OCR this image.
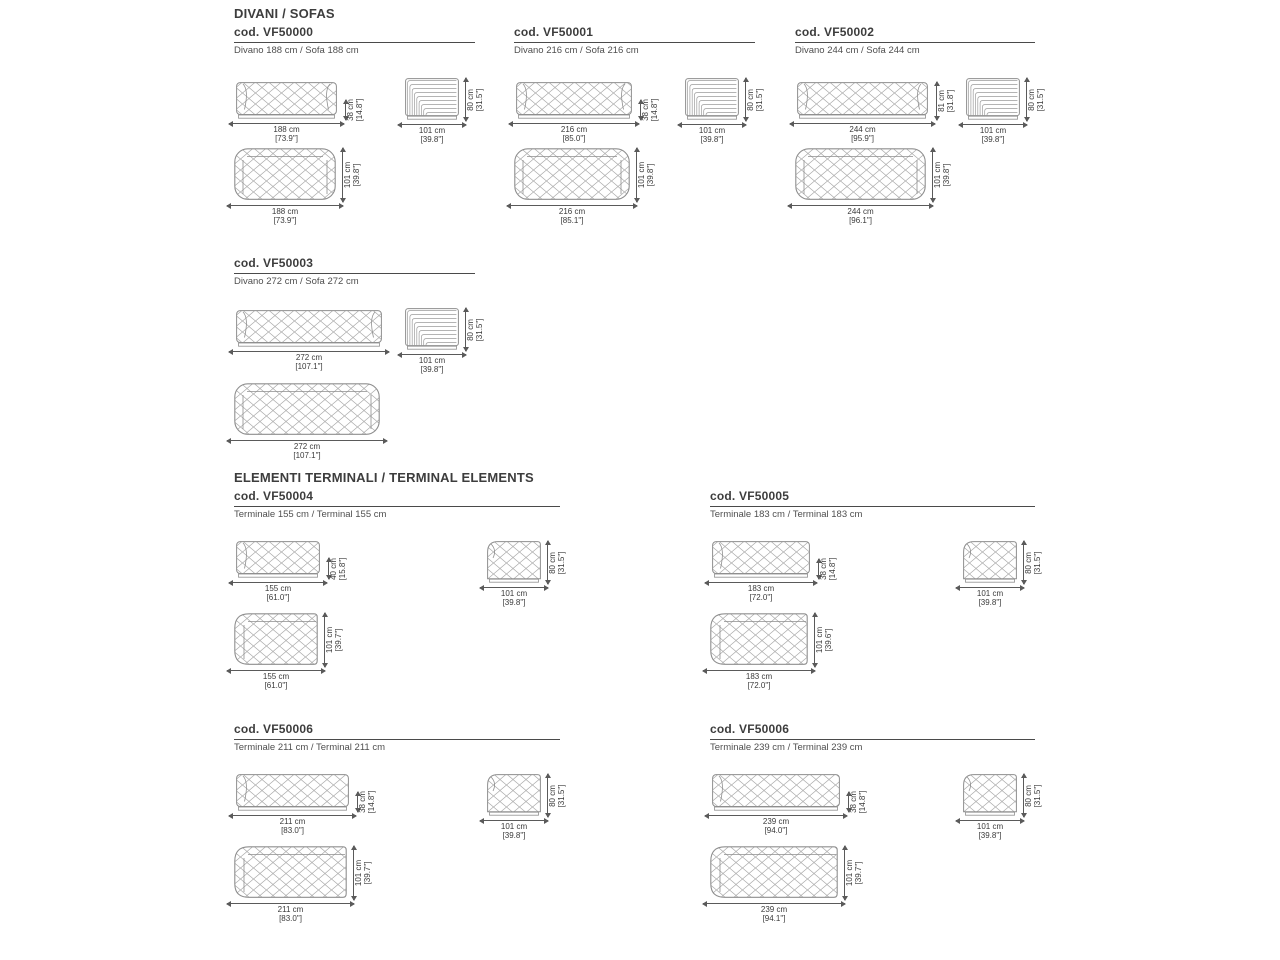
DIVANI / SOFAS
cod. VF50000
Divano 188 cm / Sofa 188 cm
38 cm [14.8"]
188 cm
[73.9"]
80 cm [31.5"]
101 cm
[39.8"]
101 cm [39.8"]
188 cm
[73.9"]
cod. VF50001
Divano 216 cm / Sofa 216 cm
38 cm [14.8"]
216 cm
[85.0"]
80 cm [31.5"]
101 cm
[39.8"]
101 cm [39.8"]
216 cm
[85.1"]
cod. VF50002
Divano 244 cm / Sofa 244 cm
81 cm [31.8"]
244 cm
[95.9"]
80 cm [31.5"]
101 cm
[39.8"]
101 cm [39.8"]
244 cm
[96.1"]
cod. VF50003
Divano 272 cm / Sofa 272 cm
272 cm
[107.1"]
80 cm [31.5"]
101 cm
[39.8"]
272 cm
[107.1"]
ELEMENTI TERMINALI / TERMINAL ELEMENTS
cod. VF50004
Terminale 155 cm / Terminal 155 cm
40 cm [15.8"]
155 cm
[61.0"]
80 cm [31.5"]
101 cm
[39.8"]
101 cm [39.7"]
155 cm
[61.0"]
cod. VF50005
Terminale 183 cm / Terminal 183 cm
38 cm [14.8"]
183 cm
[72.0"]
80 cm [31.5"]
101 cm
[39.8"]
101 cm [39.6"]
183 cm
[72.0"]
cod. VF50006
Terminale 211 cm / Terminal 211 cm
38 cm [14.8"]
211 cm
[83.0"]
80 cm [31.5"]
101 cm
[39.8"]
101 cm [39.7"]
211 cm
[83.0"]
cod. VF50006
Terminale 239 cm / Terminal 239 cm
38 cm [14.8"]
239 cm
[94.0"]
80 cm [31.5"]
101 cm
[39.8"]
101 cm [39.7"]
239 cm
[94.1"]
